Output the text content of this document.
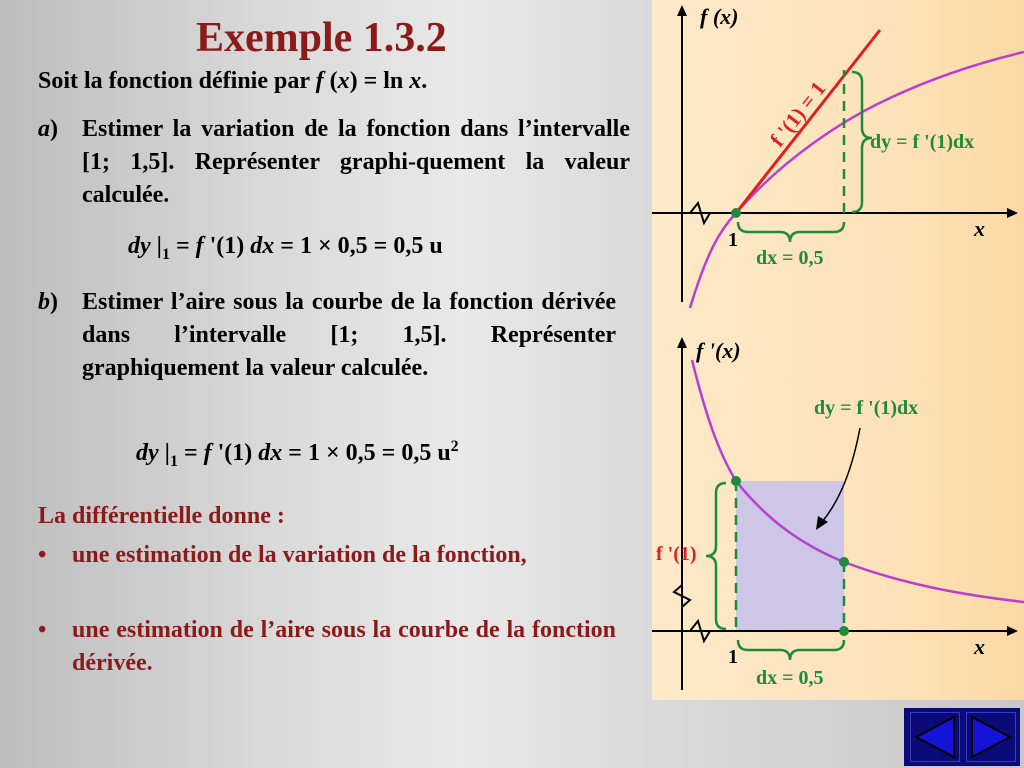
Exemple 1.3.2
Soit la fonction définie par f (x) = ln x.
a) Estimer la variation de la fonction dans l’intervalle [1; 1,5]. Représenter graphi-quement la valeur calculée.
dy $|_1 = f$ '(1) dx = 1 × 0,5 = 0,5 u
b) Estimer l’aire sous la courbe de la fonction dérivée dans l’intervalle [1; 1,5]. Représenter graphiquement la valeur calculée.
dy $|_1 = f$ '(1) dx = 1 × 0,5 = 0,5 $u^2$
La différentielle donne :
• une estimation de la variation de la fonction,
• une estimation de l’aire sous la courbe de la fonction dérivée.
f (x)
x
1
f '(1) = 1 dy = f '(1)dx
dx = 0,5
f '(x)
x
1
f '(1)
dy = f '(1)dx
dx = 0,5
